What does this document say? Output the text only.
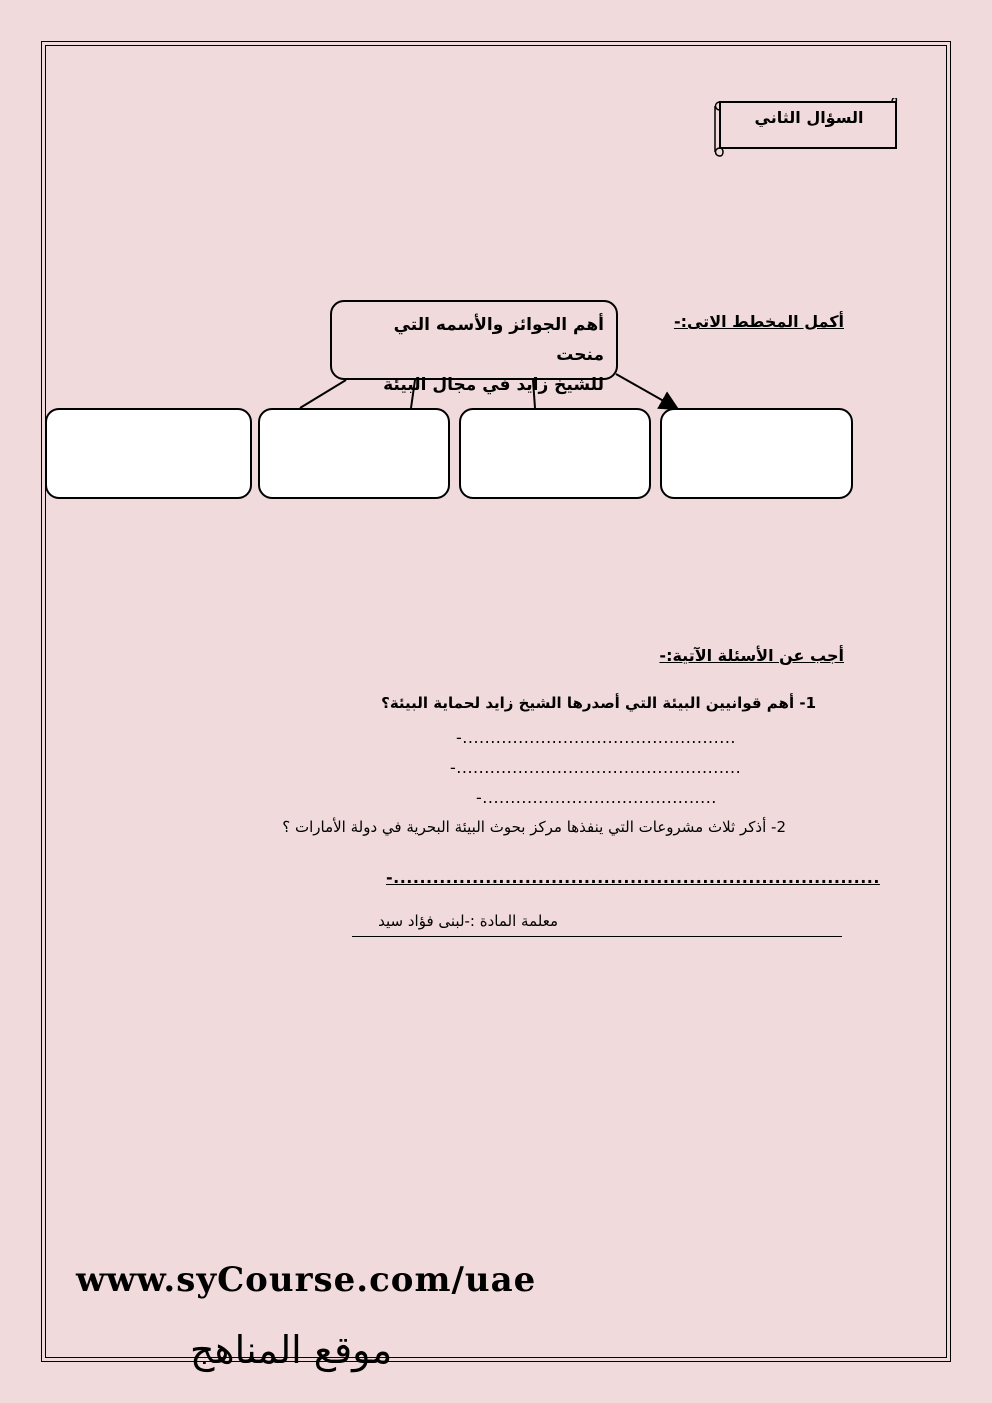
السؤال الثاني
أكمل المخطط الاتى:-
أهم الجوائز والأسمه التي منحت
للشيخ زايد في مجال البيئة
أجب عن الأسئلة الآتية:-
1- أهم قوانيين البيئة التي أصدرها الشيخ زايد لحماية البيئة؟
-.................................................
-...................................................
-..........................................
2- أذكر ثلاث مشروعات التي ينفذها مركز بحوث البيئة البحرية في دولة الأمارات ؟
-..........................................................................
معلمة المادة :-لبنى فؤاد سيد
www.syCourse.com/uae
موقع المناهج
